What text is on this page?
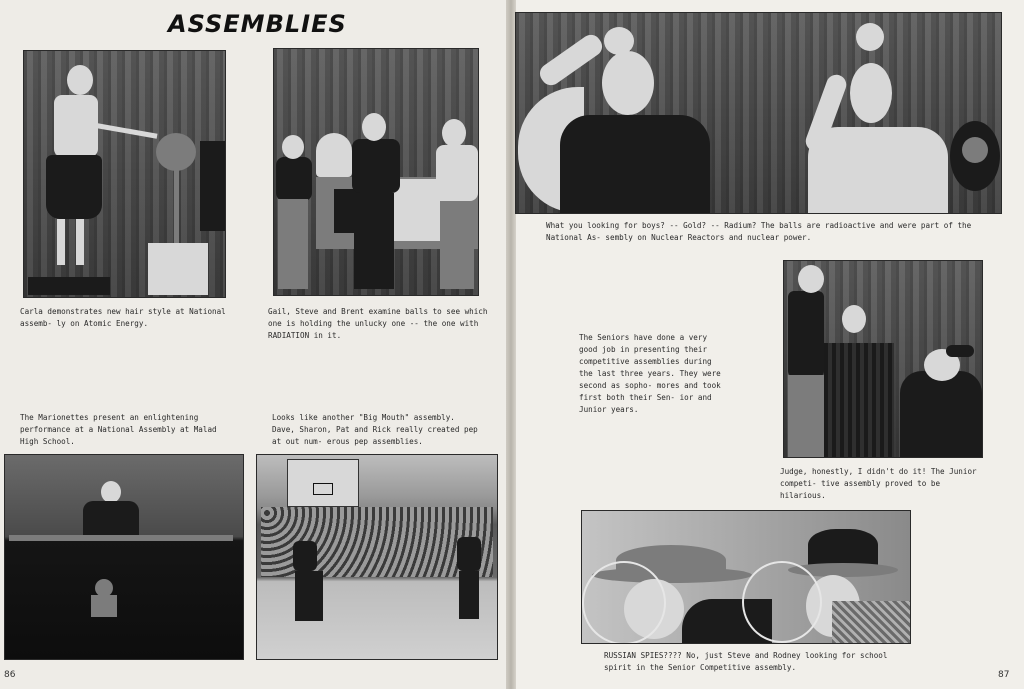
ASSEMBLIES

Carla demonstrates new hair style at National assemb- ly on Atomic Energy.

Gail, Steve and Brent examine balls to see which one is holding the unlucky one -- the one with RADIATION in it.

The Marionettes present an enlightening performance at a National Assembly at Malad High School.

Looks like another "Big Mouth" assembly. Dave, Sharon, Pat and Rick really created pep at out num- erous pep assemblies.

What you looking for boys? -- Gold? -- Radium? The balls are radioactive and were part of the National As- sembly on Nuclear Reactors and nuclear power.

The Seniors have done a very good job in presenting their competitive assemblies during the last three years. They were second as sopho- mores and took first both their Sen- ior and Junior years.

Judge, honestly, I didn't do it! The Junior competi- tive assembly proved to be hilarious.

RUSSIAN SPIES???? No, just Steve and Rodney looking for school spirit in the Senior Competitive assembly.

86	87
